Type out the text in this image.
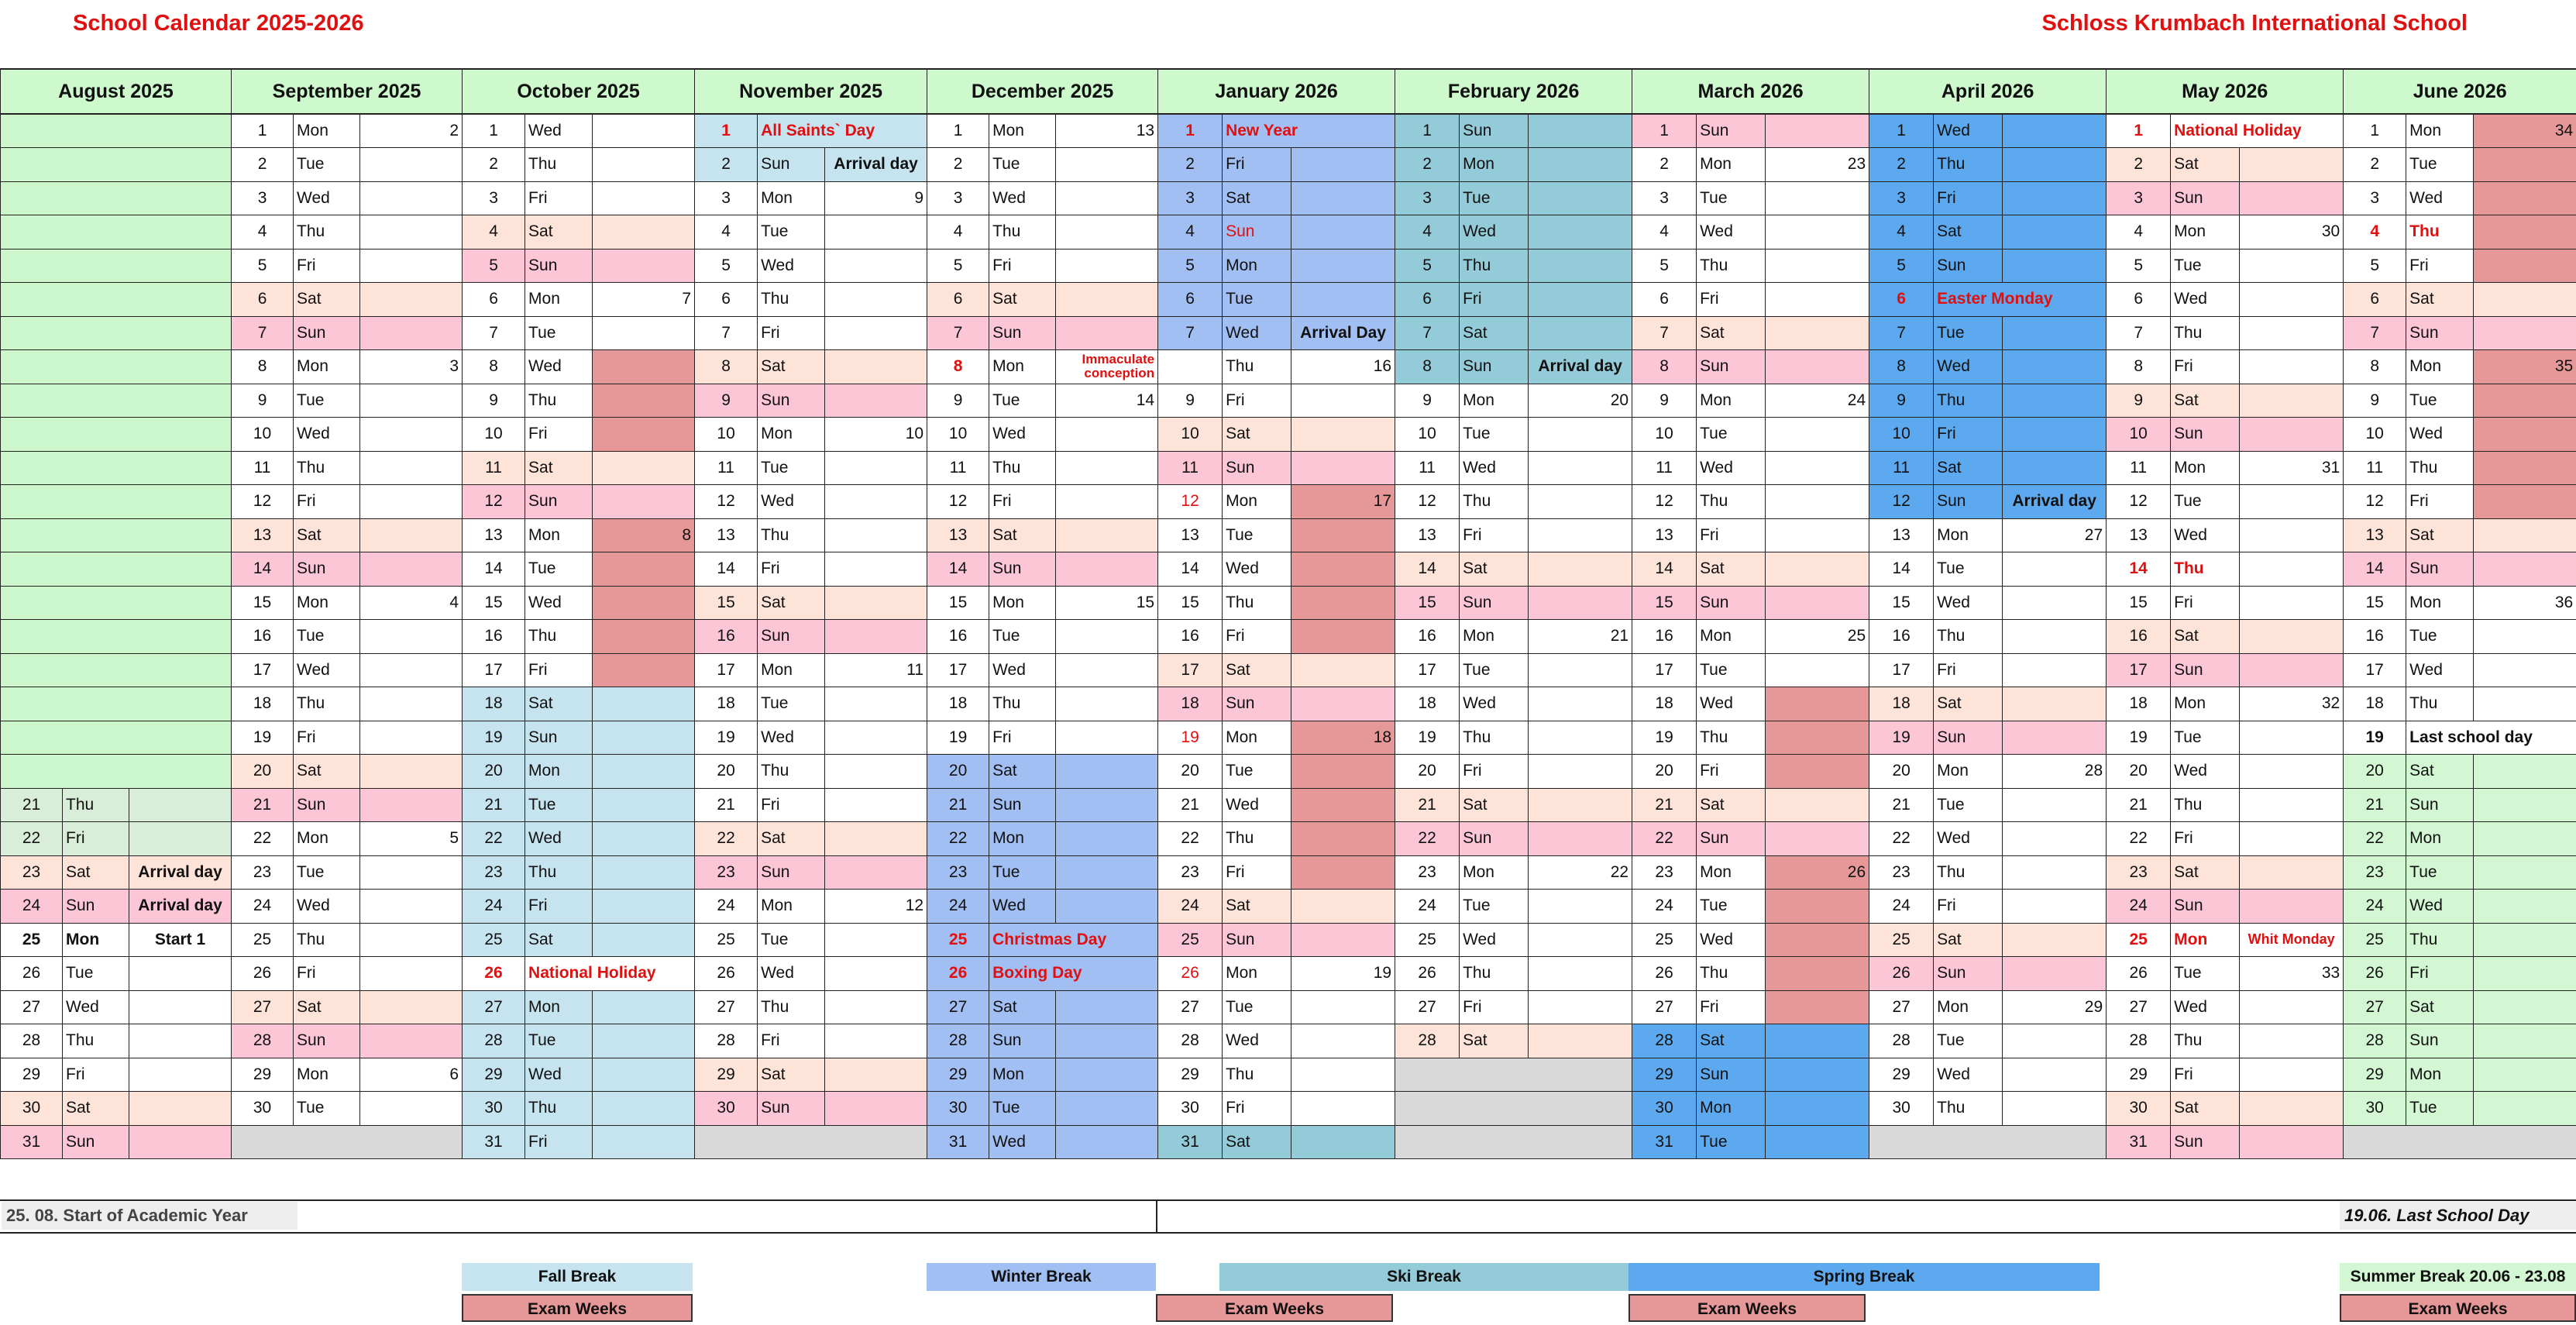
School Calendar 2025-2026	Schloss Krumbach International School
August 2025			September 2025			October 2025			November 2025			December 2025			January 2026			February 2026			March 2026			April 2026			May 2026			June 2026		
			1	Mon	2	1	Wed		1	All Saints` Day		1	Mon	13	1	New Year		1	Sun		1	Sun		1	Wed		1	National Holiday		1	Mon	34
			2	Tue		2	Thu		2	Sun	Arrival day	2	Tue		2	Fri		2	Mon		2	Mon	23	2	Thu		2	Sat		2	Tue	
			3	Wed		3	Fri		3	Mon	9	3	Wed		3	Sat		3	Tue		3	Tue		3	Fri		3	Sun		3	Wed	
			4	Thu		4	Sat		4	Tue		4	Thu		4	Sun		4	Wed		4	Wed		4	Sat		4	Mon	30	4	Thu	
			5	Fri		5	Sun		5	Wed		5	Fri		5	Mon		5	Thu		5	Thu		5	Sun		5	Tue		5	Fri	
			6	Sat		6	Mon	7	6	Thu		6	Sat		6	Tue		6	Fri		6	Fri		6	Easter Monday		6	Wed		6	Sat	
			7	Sun		7	Tue		7	Fri		7	Sun		7	Wed	Arrival Day	7	Sat		7	Sat		7	Tue		7	Thu		7	Sun	
			8	Mon	3	8	Wed		8	Sat		8	Mon	Immaculate conception		Thu	16	8	Sun	Arrival day	8	Sun		8	Wed		8	Fri		8	Mon	35
			9	Tue		9	Thu		9	Sun		9	Tue	14	9	Fri		9	Mon	20	9	Mon	24	9	Thu		9	Sat		9	Tue	
			10	Wed		10	Fri		10	Mon	10	10	Wed		10	Sat		10	Tue		10	Tue		10	Fri		10	Sun		10	Wed	
			11	Thu		11	Sat		11	Tue		11	Thu		11	Sun		11	Wed		11	Wed		11	Sat		11	Mon	31	11	Thu	
			12	Fri		12	Sun		12	Wed		12	Fri		12	Mon	17	12	Thu		12	Thu		12	Sun	Arrival day	12	Tue		12	Fri	
			13	Sat		13	Mon	8	13	Thu		13	Sat		13	Tue		13	Fri		13	Fri		13	Mon	27	13	Wed		13	Sat	
			14	Sun		14	Tue		14	Fri		14	Sun		14	Wed		14	Sat		14	Sat		14	Tue		14	Thu		14	Sun	
			15	Mon	4	15	Wed		15	Sat		15	Mon	15	15	Thu		15	Sun		15	Sun		15	Wed		15	Fri		15	Mon	36
			16	Tue		16	Thu		16	Sun		16	Tue		16	Fri		16	Mon	21	16	Mon	25	16	Thu		16	Sat		16	Tue	
			17	Wed		17	Fri		17	Mon	11	17	Wed		17	Sat		17	Tue		17	Tue		17	Fri		17	Sun		17	Wed	
			18	Thu		18	Sat		18	Tue		18	Thu		18	Sun		18	Wed		18	Wed		18	Sat		18	Mon	32	18	Thu	
			19	Fri		19	Sun		19	Wed		19	Fri		19	Mon	18	19	Thu		19	Thu		19	Sun		19	Tue		19	Last school day	
			20	Sat		20	Mon		20	Thu		20	Sat		20	Tue		20	Fri		20	Fri		20	Mon	28	20	Wed		20	Sat	
21	Thu		21	Sun		21	Tue		21	Fri		21	Sun		21	Wed		21	Sat		21	Sat		21	Tue		21	Thu		21	Sun	
22	Fri		22	Mon	5	22	Wed		22	Sat		22	Mon		22	Thu		22	Sun		22	Sun		22	Wed		22	Fri		22	Mon	
23	Sat	Arrival day	23	Tue		23	Thu		23	Sun		23	Tue		23	Fri		23	Mon	22	23	Mon	26	23	Thu		23	Sat		23	Tue	
24	Sun	Arrival day	24	Wed		24	Fri		24	Mon	12	24	Wed		24	Sat		24	Tue		24	Tue		24	Fri		24	Sun		24	Wed	
25	Mon	Start 1	25	Thu		25	Sat		25	Tue		25	Christmas Day		25	Sun		25	Wed		25	Wed		25	Sat		25	Mon	Whit Monday	25	Thu	
26	Tue		26	Fri		26	National Holiday		26	Wed		26	Boxing Day		26	Mon	19	26	Thu		26	Thu		26	Sun		26	Tue	33	26	Fri	
27	Wed		27	Sat		27	Mon		27	Thu		27	Sat		27	Tue		27	Fri		27	Fri		27	Mon	29	27	Wed		27	Sat	
28	Thu		28	Sun		28	Tue		28	Fri		28	Sun		28	Wed		28	Sat		28	Sat		28	Tue		28	Thu		28	Sun	
29	Fri		29	Mon	6	29	Wed		29	Sat		29	Mon		29	Thu					29	Sun		29	Wed		29	Fri		29	Mon	
30	Sat		30	Tue		30	Thu		30	Sun		30	Tue		30	Fri					30	Mon		30	Thu		30	Sat		30	Tue	
31	Sun					31	Fri					31	Wed		31	Sat					31	Tue					31	Sun				
25. 08. Start of Academic Year	19.06. Last School Day
Fall Break
Exam Weeks
Winter Break
Exam Weeks
Ski Break	Spring Break
Exam Weeks
Summer Break 20.06 - 23.08
Exam Weeks
